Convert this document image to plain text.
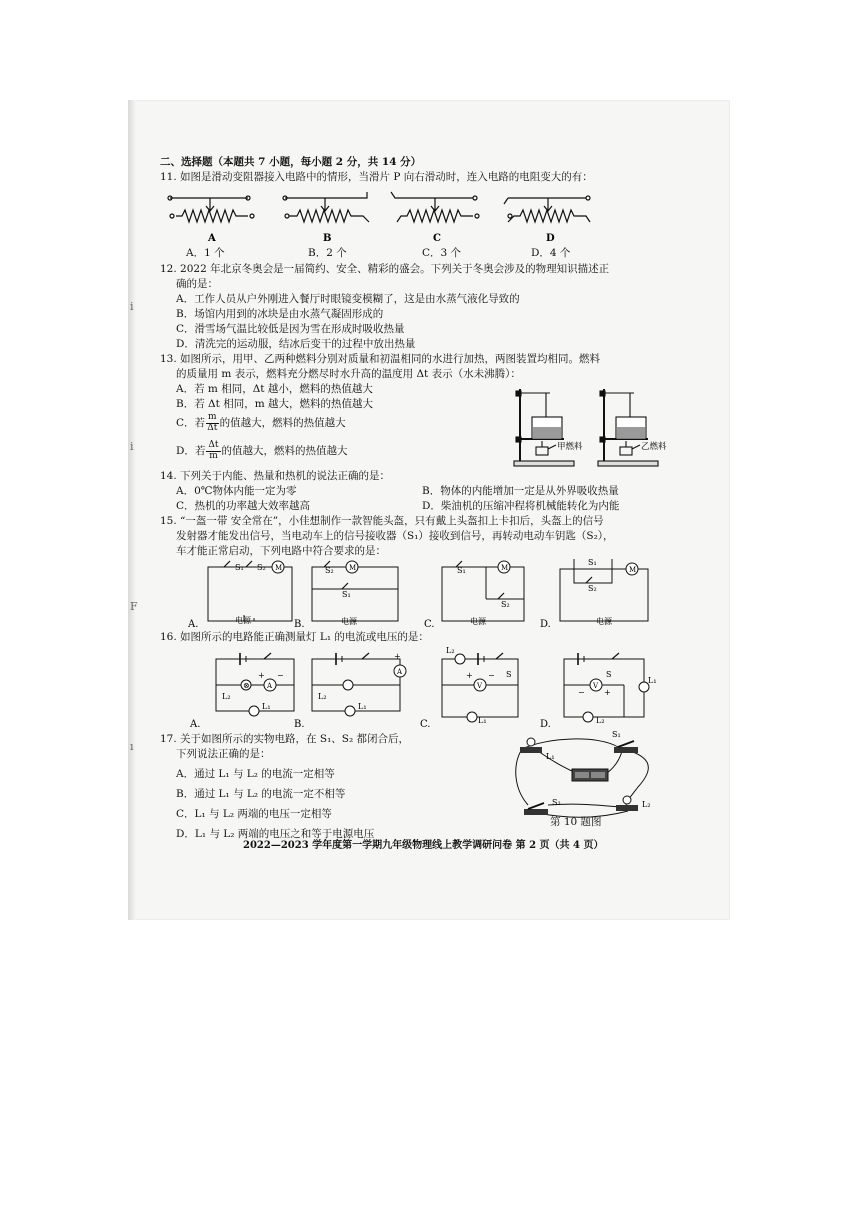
i
i
F
ı
二、选择题（本题共 7 小题，每小题 2 分，共 14 分）
11. 如图是滑动变阻器接入电路中的情形，当滑片 P 向右滑动时，连入电路的电阻变大的有：
A	B	C	D
A．1 个	B．2 个	C．3 个	D．4 个
12. 2022 年北京冬奥会是一届简约、安全、精彩的盛会。下列关于冬奥会涉及的物理知识描述正
确的是：
A．工作人员从户外刚进入餐厅时眼镜变模糊了，这是由水蒸气液化导致的
B．场馆内用到的冰块是由水蒸气凝固形成的
C．滑雪场气温比较低是因为雪在形成时吸收热量
D．清洗完的运动服，结冰后变干的过程中放出热量
13. 如图所示，用甲、乙两种燃料分别对质量和初温相同的水进行加热，两图装置均相同。燃料
的质量用 m 表示，燃料充分燃尽时水升高的温度用 Δt 表示（水未沸腾）：
A．若 m 相同，Δt 越小，燃料的热值越大
B．若 Δt 相同，m 越大，燃料的热值越大
C．若 $\frac{m}{\Delta t}$ 的值越大，燃料的热值越大
D．若 $\frac{\Delta t}{m}$ 的值越大，燃料的热值越大	甲燃料	乙燃料
14. 下列关于内能、热量和热机的说法正确的是：
A．0℃物体内能一定为零	B．物体的内能增加一定是从外界吸收热量
C．热机的功率越大效率越高	D．柴油机的压缩冲程将机械能转化为内能
15. “一盔一带 安全常在”，小佳想制作一款智能头盔，只有戴上头盔扣上卡扣后，头盔上的信号
发射器才能发出信号，当电动车上的信号接收器（S₁）接收到信号，再转动电动车钥匙（S₂），
车才能正常启动，下列电路中符合要求的是：
S₁ S₂ M
电源
S₂ M
S₁
电源
S₁	M
S₂
电源
S₁
S₂
M
电源
A.	B.	C.	D.
16. 如图所示的电路能正确测量灯 L₁ 的电流或电压的是：
⊗ A
+ −
L₂
L₁
A
+
L₂
L₁
L₂
S
V
+ −
L₁
S
V
− +
L₁
L₂
A.	B.	C.	D.
17. 关于如图所示的实物电路，在 S₁、S₂ 都闭合后，
下列说法正确的是：
A．通过 L₁ 与 L₂ 的电流一定相等
B．通过 L₁ 与 L₂ 的电流一定不相等
C．L₁ 与 L₂ 两端的电压一定相等
D．L₁ 与 L₂ 两端的电压之和等于电源电压
L₁
S₁
S₂	L₂
第 10 题图
2022—2023 学年度第一学期九年级物理线上教学调研问卷 第 2 页（共 4 页）
